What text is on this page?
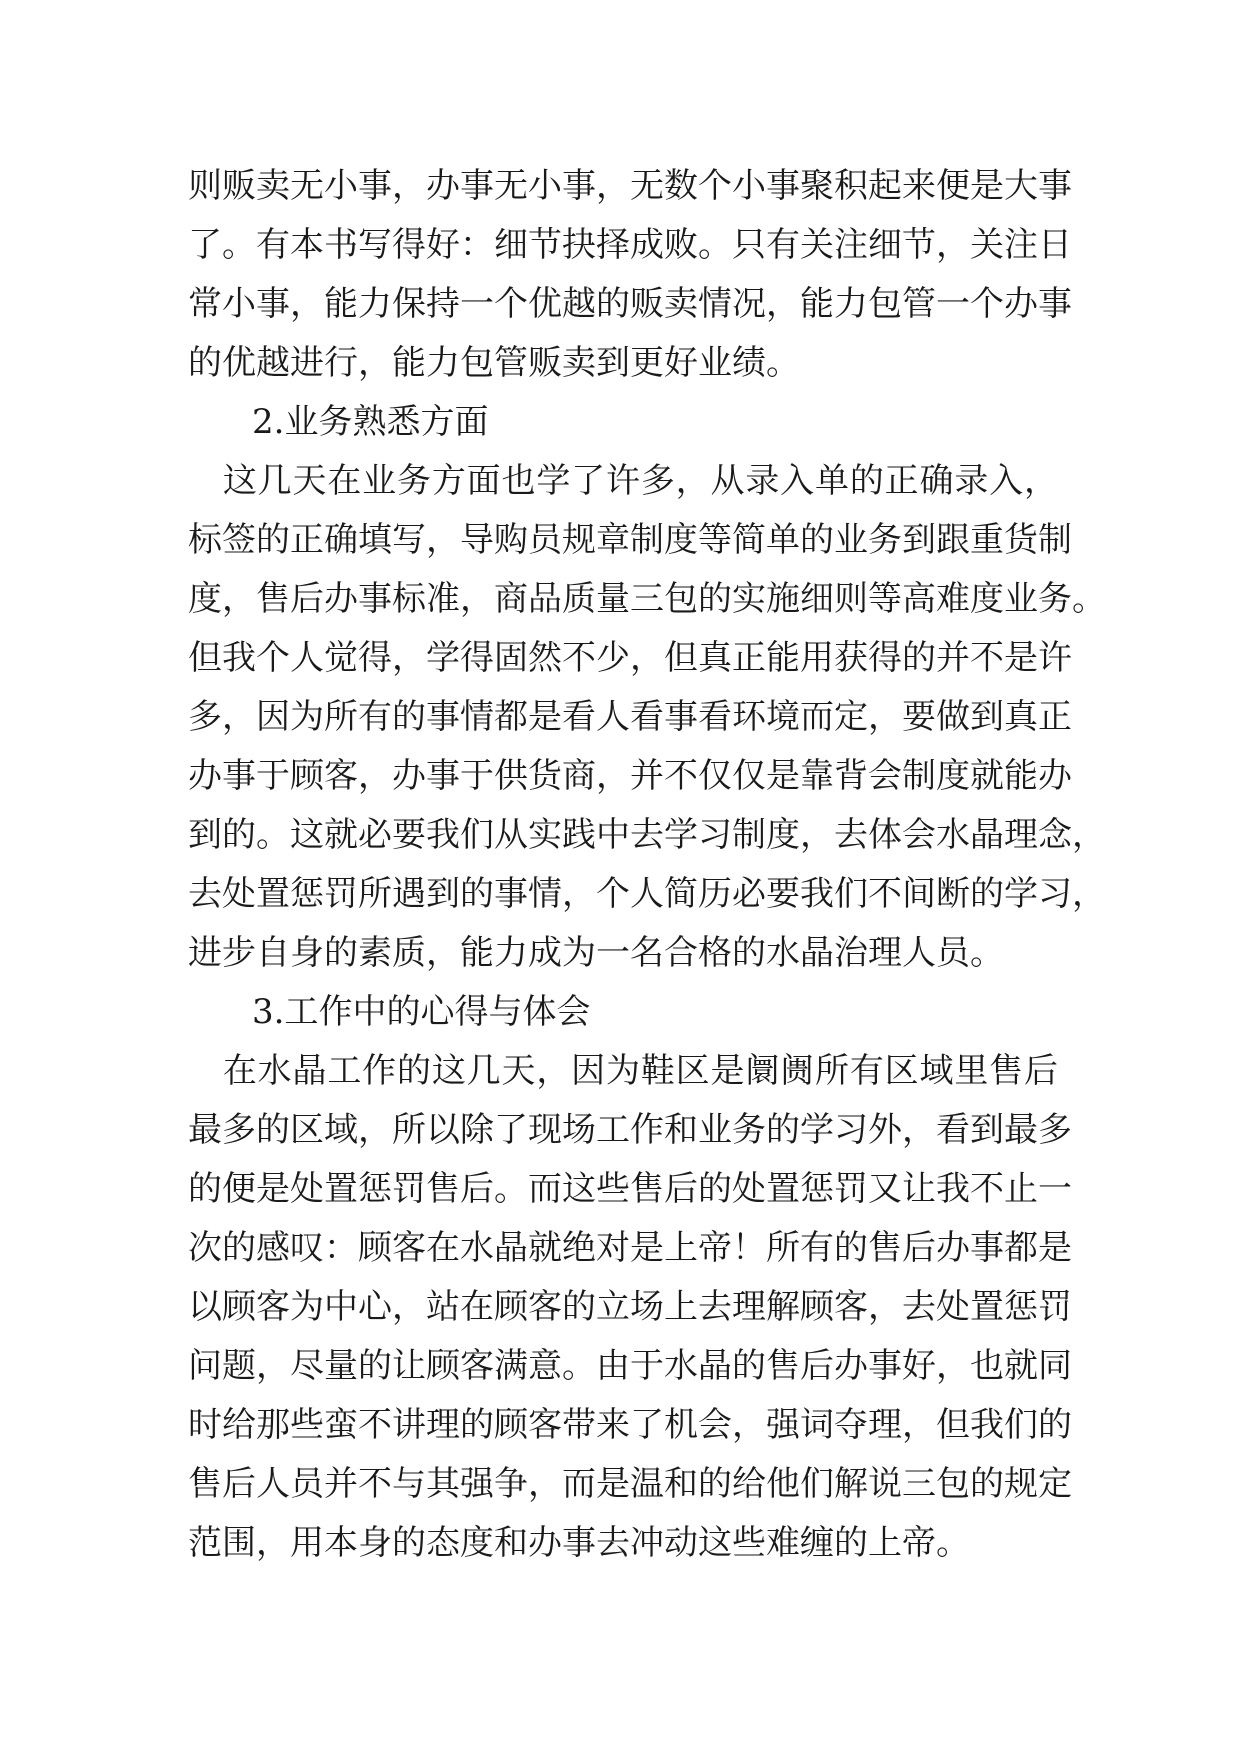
则贩卖无小事，办事无小事，无数个小事聚积起来便是大事
了。有本书写得好：细节抉择成败。只有关注细节，关注日
常小事，能力保持一个优越的贩卖情况，能力包管一个办事
的优越进行，能力包管贩卖到更好业绩。
2.业务熟悉方面
　这几天在业务方面也学了许多，从录入单的正确录入，
标签的正确填写，导购员规章制度等简单的业务到跟重货制
度，售后办事标准，商品质量三包的实施细则等高难度业务。
但我个人觉得，学得固然不少，但真正能用获得的并不是许
多，因为所有的事情都是看人看事看环境而定，要做到真正
办事于顾客，办事于供货商，并不仅仅是靠背会制度就能办
到的。这就必要我们从实践中去学习制度，去体会水晶理念，
去处置惩罚所遇到的事情，个人简历必要我们不间断的学习，
进步自身的素质，能力成为一名合格的水晶治理人员。
3.工作中的心得与体会
　在水晶工作的这几天，因为鞋区是阛阓所有区域里售后
最多的区域，所以除了现场工作和业务的学习外，看到最多
的便是处置惩罚售后。而这些售后的处置惩罚又让我不止一
次的感叹：顾客在水晶就绝对是上帝！所有的售后办事都是
以顾客为中心，站在顾客的立场上去理解顾客，去处置惩罚
问题，尽量的让顾客满意。由于水晶的售后办事好，也就同
时给那些蛮不讲理的顾客带来了机会，强词夺理，但我们的
售后人员并不与其强争，而是温和的给他们解说三包的规定
范围，用本身的态度和办事去冲动这些难缠的上帝。
